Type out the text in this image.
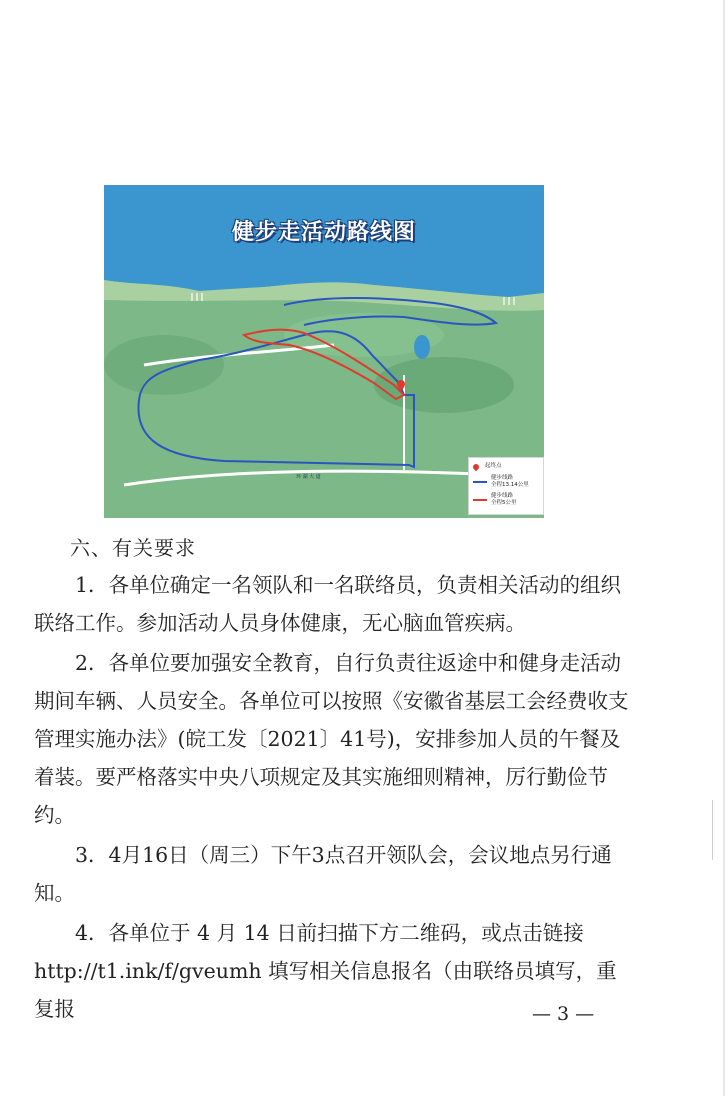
健步走活动路线图
环 湖 大 道
起终点
健步线路
全程13.14公里
健步线路
全程5公里
六、有关要求
1．各单位确定一名领队和一名联络员，负责相关活动的组织联络工作。参加活动人员身体健康，无心脑血管疾病。
2．各单位要加强安全教育，自行负责往返途中和健身走活动期间车辆、人员安全。各单位可以按照《安徽省基层工会经费收支管理实施办法》(皖工发〔2021〕41号)，安排参加人员的午餐及着装。要严格落实中央八项规定及其实施细则精神，厉行勤俭节约。
3．4月16日（周三）下午3点召开领队会，会议地点另行通知。
4．各单位于 4 月 14 日前扫描下方二维码，或点击链接 http://t1.ink/f/gveumh 填写相关信息报名（由联络员填写，重复报	— 3 —
